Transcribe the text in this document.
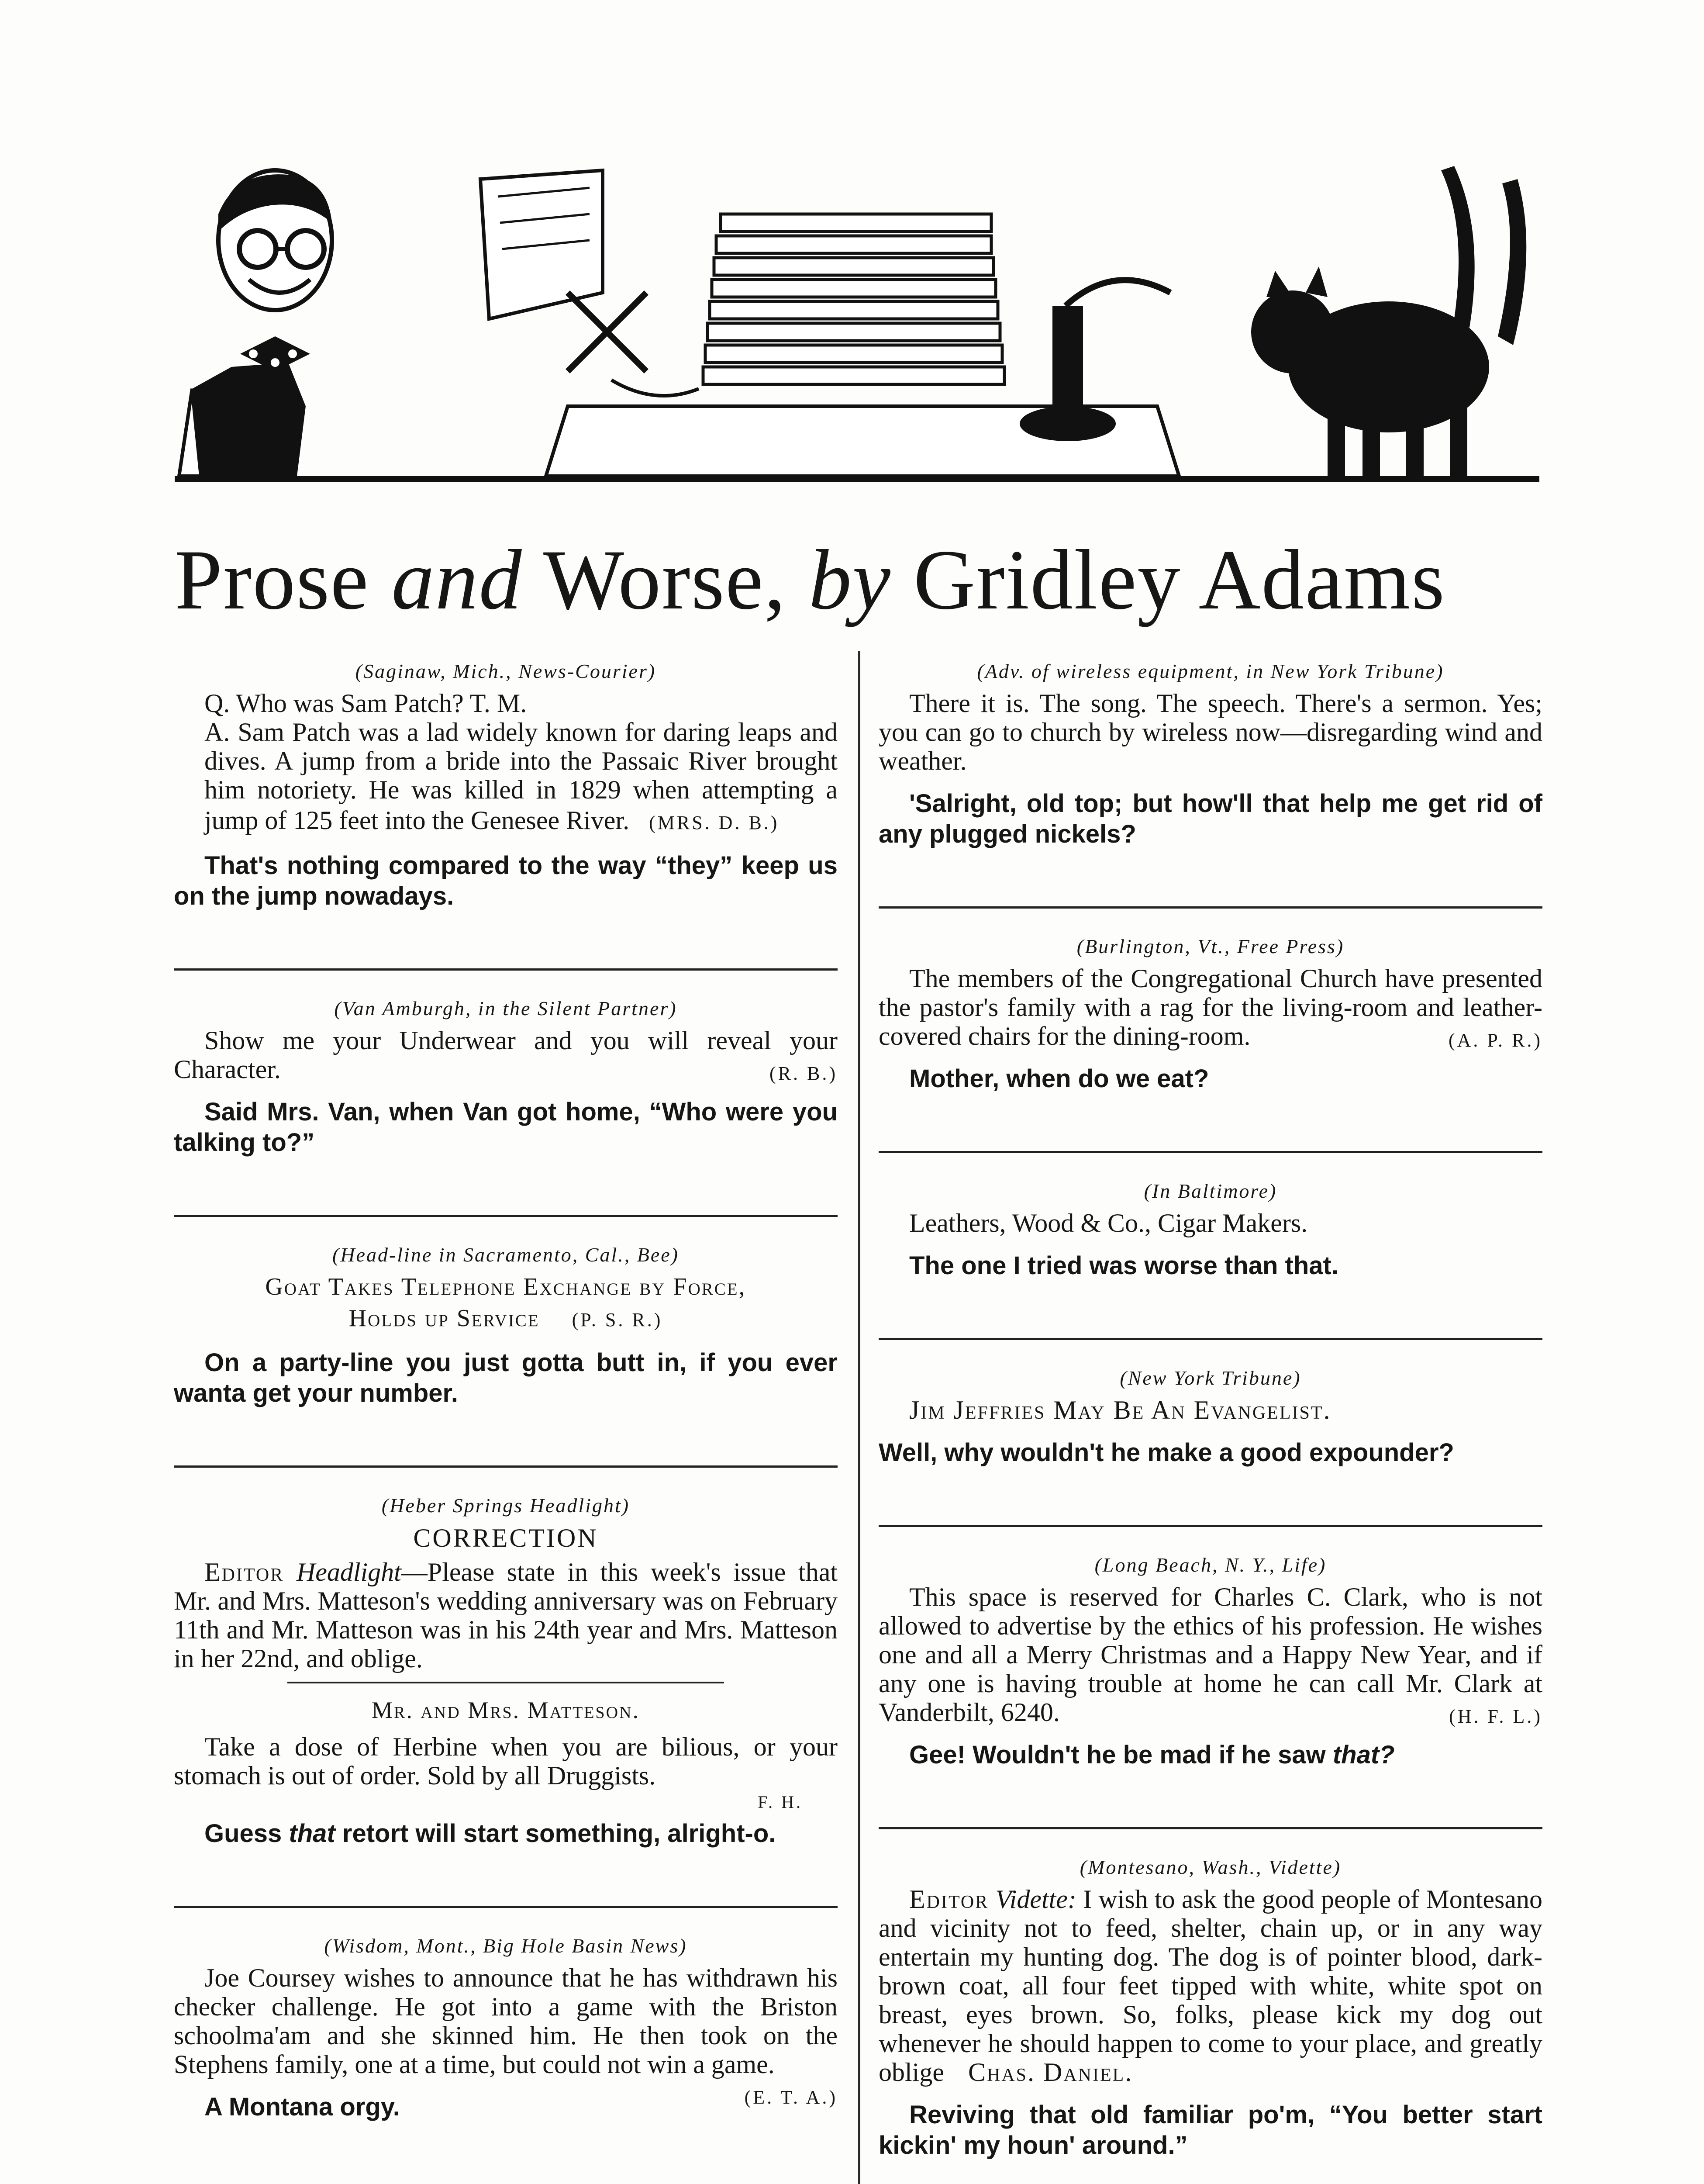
Prose and Worse, by Gridley Adams
(Saginaw, Mich., News-Courier)

Q. Who was Sam Patch? T. M.

A. Sam Patch was a lad widely known for daring leaps and dives. A jump from a bride into the Passaic River brought him notoriety. He was killed in 1829 when attempting a jump of 125 feet into the Genesee River. (MRS. D. B.)

That's nothing compared to the way “they” keep us on the jump nowadays.

(Van Amburgh, in the Silent Partner)

Show me your Underwear and you will reveal your Character.	(R. B.)

Said Mrs. Van, when Van got home, “Who were you talking to?”

(Head-line in Sacramento, Cal., Bee)
Goat Takes Telephone Exchange by Force,
Holds up Service (P. S. R.)

On a party-line you just gotta butt in, if you ever wanta get your number.

(Heber Springs Headlight)
CORRECTION

Editor Headlight—Please state in this week's issue that Mr. and Mrs. Matteson's wedding anniversary was on February 11th and Mr. Matteson was in his 24th year and Mrs. Matteson in her 22nd, and oblige.

Mr. and Mrs. Matteson.

Take a dose of Herbine when you are bilious, or your stomach is out of order. Sold by all Druggists.

F. H.

Guess that retort will start something, alright-o.

(Wisdom, Mont., Big Hole Basin News)

Joe Coursey wishes to announce that he has withdrawn his checker challenge. He got into a game with the Briston schoolma'am and she skinned him. He then took on the Stephens family, one at a time, but could not win a game.
(E. T. A.)

A Montana orgy.

(Adv. of wireless equipment, in New York Tribune)

There it is. The song. The speech. There's a sermon. Yes; you can go to church by wireless now—disregarding wind and weather.

'Salright, old top; but how'll that help me get rid of any plugged nickels?

(Burlington, Vt., Free Press)

The members of the Congregational Church have presented the pastor's family with a rag for the living-room and leather-covered chairs for the dining-room.	(A. P. R.)

Mother, when do we eat?

(In Baltimore)

Leathers, Wood & Co., Cigar Makers.

The one I tried was worse than that.

(New York Tribune)

Jim Jeffries May Be An Evangelist.

Well, why wouldn't he make a good expounder?

(Long Beach, N. Y., Life)

This space is reserved for Charles C. Clark, who is not allowed to advertise by the ethics of his profession. He wishes one and all a Merry Christmas and a Happy New Year, and if any one is having trouble at home he can call Mr. Clark at Vanderbilt, 6240.	(H. F. L.)

Gee! Wouldn't he be mad if he saw that?

(Montesano, Wash., Vidette)

Editor Vidette: I wish to ask the good people of Montesano and vicinity not to feed, shelter, chain up, or in any way entertain my hunting dog. The dog is of pointer blood, dark-brown coat, all four feet tipped with white, white spot on breast, eyes brown. So, folks, please kick my dog out whenever he should happen to come to your place, and greatly oblige Chas. Daniel.

Reviving that old familiar po'm, “You better start kickin' my houn' around.”
